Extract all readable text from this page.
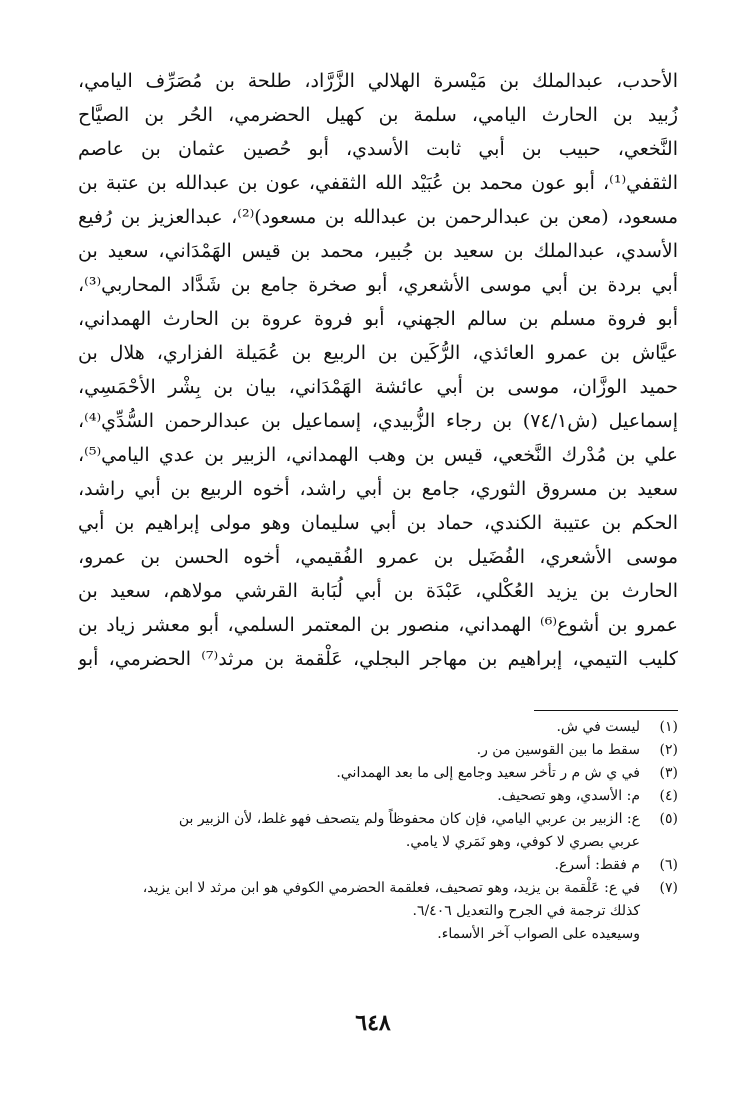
الأحدب، عبدالملك بن مَيْسرة الهلالي الزَّرَّاد، طلحة بن مُصَرِّف اليامي،
زُبيد بن الحارث اليامي، سلمة بن كهيل الحضرمي، الحُر بن الصيَّاح
النَّخعي، حبيب بن أبي ثابت الأسدي، أبو حُصين عثمان بن عاصم
الثقفي⁽¹⁾، أبو عون محمد بن عُبَيْد الله الثقفي، عون بن عبدالله بن عتبة بن
مسعود، (معن بن عبدالرحمن بن عبدالله بن مسعود)⁽²⁾، عبدالعزيز بن رُفيع
الأسدي، عبدالملك بن سعيد بن جُبير، محمد بن قيس الهَمْدَاني، سعيد بن
أبي بردة بن أبي موسى الأشعري، أبو صخرة جامع بن شَدَّاد المحاربي⁽³⁾،
أبو فروة مسلم بن سالم الجهني، أبو فروة عروة بن الحارث الهمداني،
عيَّاش بن عمرو العائذي، الرُّكَين بن الربيع بن عُمَيلة الفزاري، هلال بن
حميد الوزَّان، موسى بن أبي عائشة الهَمْدَاني، بيان بن بِشْر الأحْمَسِي،
إسماعيل (ش٧٤/١) بن رجاء الزُّبيدي، إسماعيل بن عبدالرحمن السُّدِّي⁽⁴⁾،
علي بن مُدْرك النَّخعي، قيس بن وهب الهمداني، الزبير بن عدي اليامي⁽⁵⁾،
سعيد بن مسروق الثوري، جامع بن أبي راشد، أخوه الربيع بن أبي راشد،
الحكم بن عتيبة الكندي، حماد بن أبي سليمان وهو مولى إبراهيم بن أبي
موسى الأشعري، الفُضَيل بن عمرو الفُقيمي، أخوه الحسن بن عمرو،
الحارث بن يزيد العُكْلي، عَبْدَة بن أبي لُبَابة القرشي مولاهم، سعيد بن
عمرو بن أشوع⁽⁶⁾ الهمداني، منصور بن المعتمر السلمي، أبو معشر زياد بن
كليب التيمي، إبراهيم بن مهاجر البجلي، عَلْقمة بن مرثد⁽⁷⁾ الحضرمي، أبو
(١)
ليست في ش.
(٢)
سقط ما بين القوسين من ر.
(٣)
في ي ش م ر تأخر سعيد وجامع إلى ما بعد الهمداني.
(٤)
م: الأسدي، وهو تصحيف.
(٥)
ع: الزبير بن عربي اليامي، فإن كان محفوظاً ولم يتصحف فهو غلط، لأن الزبير بن
عربي بصري لا كوفي، وهو نَمَري لا يامي.
(٦)
م فقط: أسرع.
(٧)
في ع: عَلْقمة بن يزيد، وهو تصحيف، فعلقمة الحضرمي الكوفي هو ابن مرثد لا ابن يزيد،
كذلك ترجمة في الجرح والتعديل ٦/٤٠٦.
وسيعيده على الصواب آخر الأسماء.
٦٤٨
